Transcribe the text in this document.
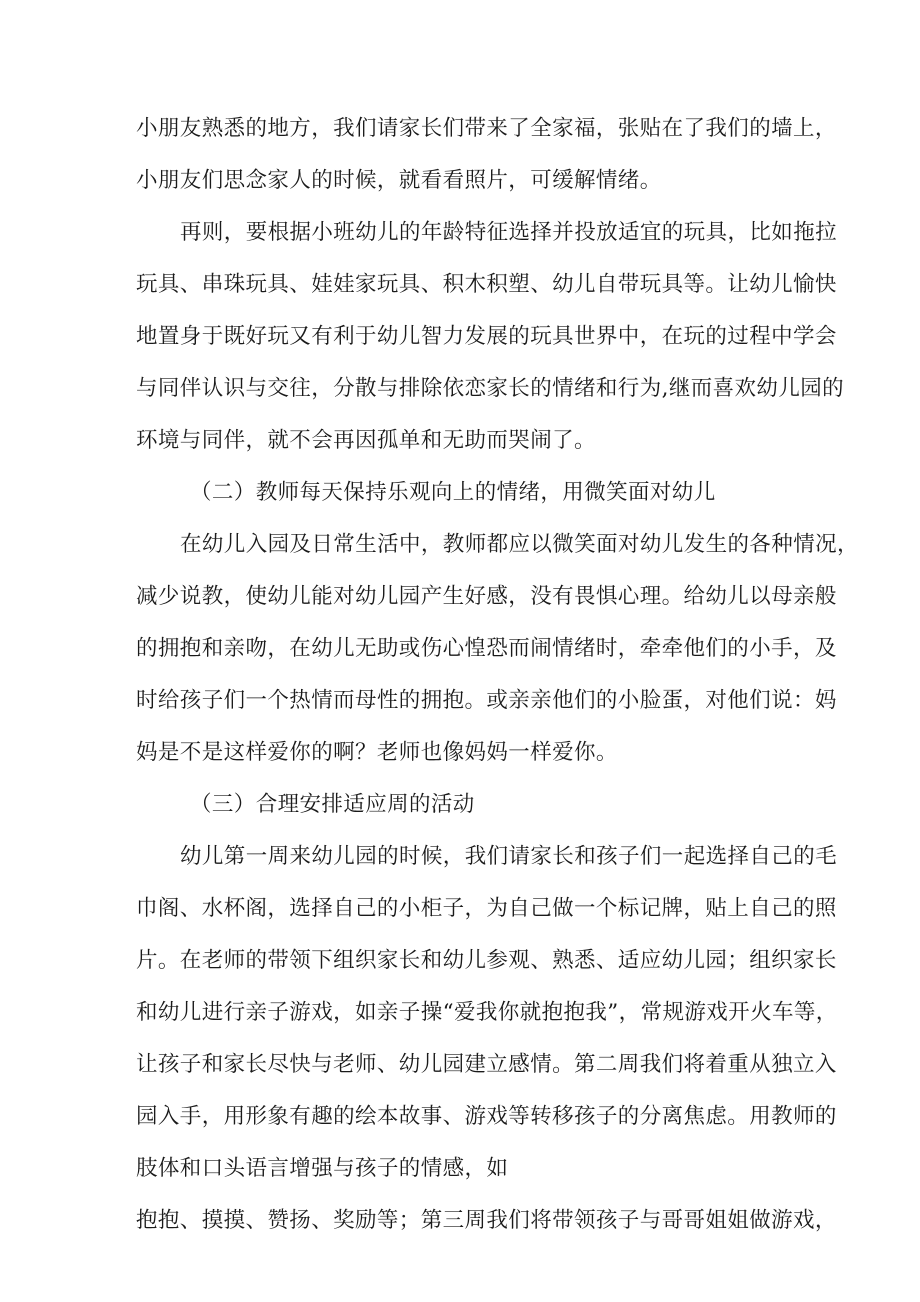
小朋友熟悉的地方，我们请家长们带来了全家福，张贴在了我们的墙上，
小朋友们思念家人的时候，就看看照片，可缓解情绪。
再则，要根据小班幼儿的年龄特征选择并投放适宜的玩具，比如拖拉
玩具、串珠玩具、娃娃家玩具、积木积塑、幼儿自带玩具等。让幼儿愉快
地置身于既好玩又有利于幼儿智力发展的玩具世界中，在玩的过程中学会
与同伴认识与交往，分散与排除依恋家长的情绪和行为,继而喜欢幼儿园的
环境与同伴，就不会再因孤单和无助而哭闹了。
（二）教师每天保持乐观向上的情绪，用微笑面对幼儿
在幼儿入园及日常生活中，教师都应以微笑面对幼儿发生的各种情况，
减少说教，使幼儿能对幼儿园产生好感，没有畏惧心理。给幼儿以母亲般
的拥抱和亲吻，在幼儿无助或伤心惶恐而闹情绪时，牵牵他们的小手，及
时给孩子们一个热情而母性的拥抱。或亲亲他们的小脸蛋，对他们说：妈
妈是不是这样爱你的啊？老师也像妈妈一样爱你。
（三）合理安排适应周的活动
幼儿第一周来幼儿园的时候，我们请家长和孩子们一起选择自己的毛
巾阁、水杯阁，选择自己的小柜子，为自己做一个标记牌，贴上自己的照
片。在老师的带领下组织家长和幼儿参观、熟悉、适应幼儿园；组织家长
和幼儿进行亲子游戏，如亲子操“爱我你就抱抱我”，常规游戏开火车等，
让孩子和家长尽快与老师、幼儿园建立感情。第二周我们将着重从独立入
园入手，用形象有趣的绘本故事、游戏等转移孩子的分离焦虑。用教师的
肢体和口头语言增强与孩子的情感，如
抱抱、摸摸、赞扬、奖励等；第三周我们将带领孩子与哥哥姐姐做游戏，
